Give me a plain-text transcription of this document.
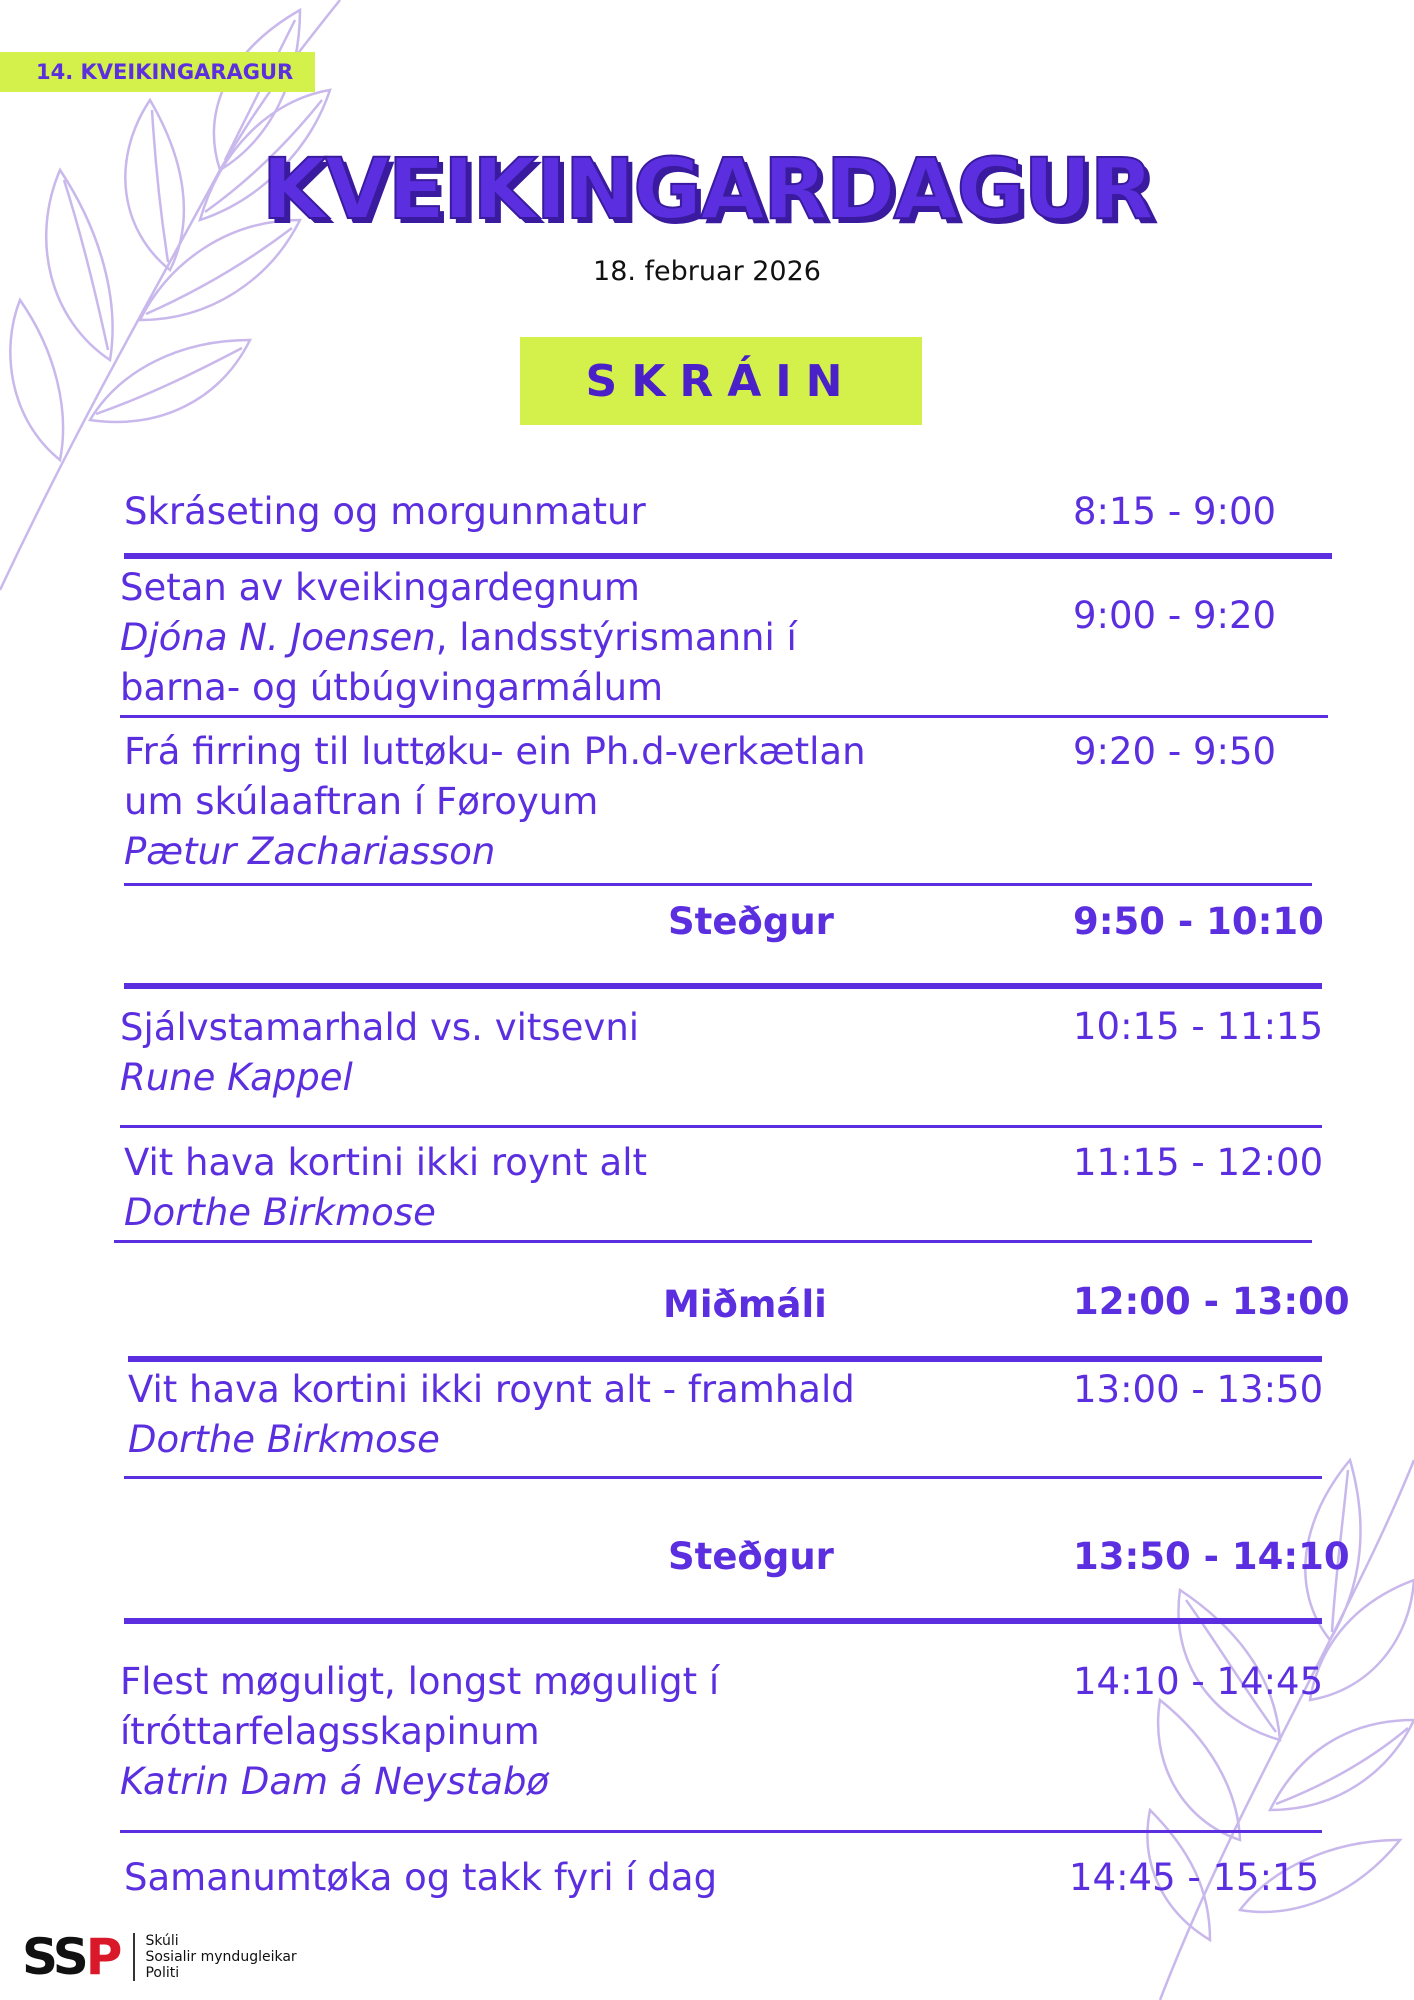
14. KVEIKINGARAGUR
KVEIKINGARDAGUR
18. februar 2026
SKRÁIN
Skráseting og morgunmatur	8:15 - 9:00
Setan av kveikingardegnum
Djóna N. Joensen, landsstýrismanni í
barna- og útbúgvingarmálum
9:00 - 9:20
Frá firring til luttøku- ein Ph.d-verkætlan
um skúlaaftran í Føroyum
Pætur Zachariasson
9:20 - 9:50
Steðgur	9:50 - 10:10
Sjálvstamarhald vs. vitsevni
Rune Kappel
10:15 - 11:15
Vit hava kortini ikki roynt alt
Dorthe Birkmose
11:15 - 12:00
Miðmáli	12:00 - 13:00
Vit hava kortini ikki roynt alt - framhald
Dorthe Birkmose
13:00 - 13:50
Steðgur	13:50 - 14:10
Flest møguligt, longst møguligt í
ítróttarfelagsskapinum
Katrin Dam á Neystabø
14:10 - 14:45
Samanumtøka og takk fyri í dag	14:45 - 15:15
SSP Skúli
Sosialir myndugleikar
Politi
